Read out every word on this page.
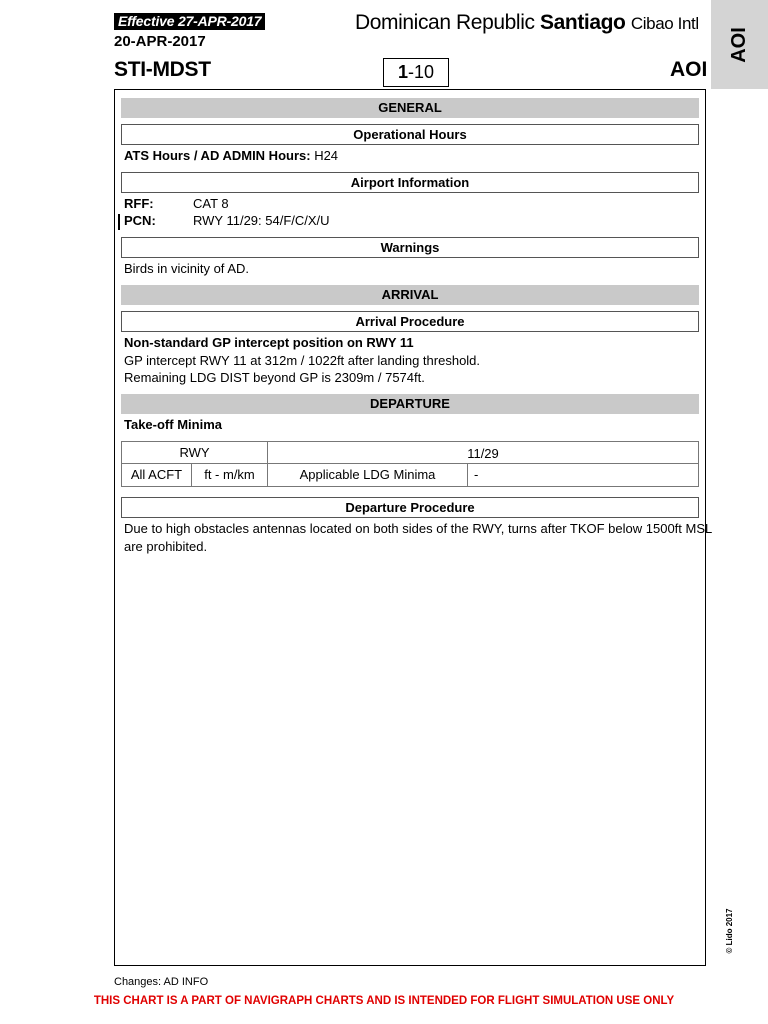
Effective 27-APR-2017
20-APR-2017
STI-MDST
Dominican Republic Santiago Cibao Intl
1-10	AOI
AOI
GENERAL
Operational Hours
ATS Hours / AD ADMIN Hours: H24
Airport Information
RFF:	CAT 8
PCN:	RWY 11/29: 54/F/C/X/U
Warnings
Birds in vicinity of AD.
ARRIVAL
Arrival Procedure
Non-standard GP intercept position on RWY 11
GP intercept RWY 11 at 312m / 1022ft after landing threshold.
Remaining LDG DIST beyond GP is 2309m / 7574ft.
DEPARTURE
Take-off Minima
RWY	11/29
All ACFT	ft - m/km	Applicable LDG Minima	-
Departure Procedure
Due to high obstacles antennas located on both sides of the RWY, turns after TKOF below 1500ft MSL
are prohibited.
© Lido 2017
Changes: AD INFO
THIS CHART IS A PART OF NAVIGRAPH CHARTS AND IS INTENDED FOR FLIGHT SIMULATION USE ONLY
